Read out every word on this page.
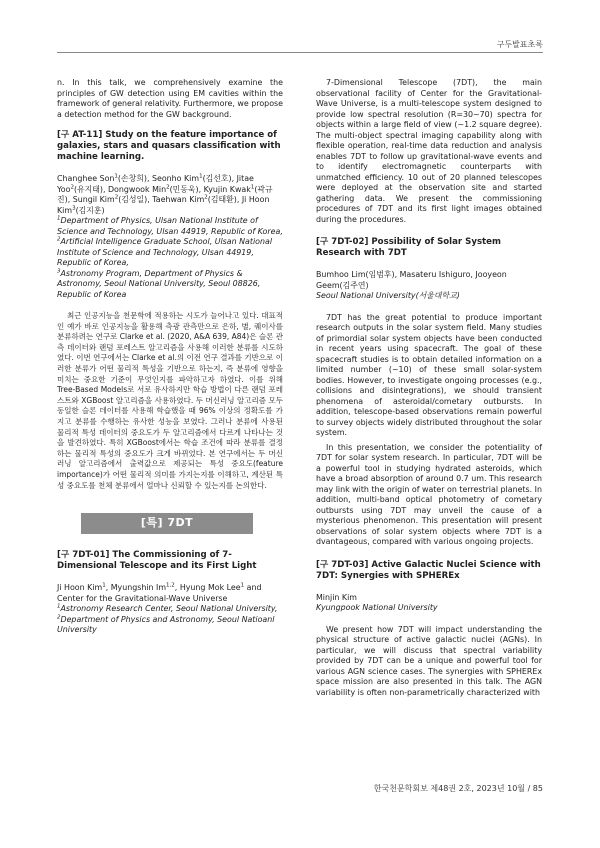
구두발표초록

n. In this talk, we comprehensively examine the principles of GW detection using EM cavities within the framework of general relativity. Furthermore, we propose a detection method for the GW background.

[구 AT-11] Study on the feature importance of galaxies, stars and quasars classification with machine learning.

Changhee Son$^1$(손창희), Seonho Kim$^1$(김선호), Jitae Yoo$^2$(유지태), Dongwook Min$^2$(민동욱), Kyujin Kwak$^1$(곽규진), Sungil Kim$^2$(김성일), Taehwan Kim$^2$(김태환), Ji Hoon Kim$^3$(김지훈)

$^1$Department of Physics, Ulsan National Institute of Science and Technology, Ulsan 44919, Republic of Korea,

$^2$Artificial Intelligence Graduate School, Ulsan National Institute of Science and Technology, Ulsan 44919, Republic of Korea,

$^3$Astronomy Program, Department of Physics & Astronomy, Seoul National University, Seoul 08826, Republic of Korea

최근 인공지능을 천문학에 적용하는 시도가 늘어나고 있다. 대표적인 예가 바로 인공지능을 활용해 측광 관측만으로 은하, 별, 퀘이사를 분류하려는 연구로 Clarke et al. (2020, A&A 639, A84)은 슬론 관측 데이터와 랜덤 포레스트 알고리즘을 사용해 이러한 분류를 시도하였다. 이번 연구에서는 Clarke et al.의 이전 연구 결과를 기반으로 이러한 분류가 어떤 물리적 특성을 기반으로 하는지, 즉 분류에 영향을 미치는 중요한 기준이 무엇인지를 파악하고자 하였다. 이를 위해 Tree-Based Models로 서로 유사하지만 학습 방법이 다른 랜덤 포레스트와 XGBoost 알고리즘을 사용하였다. 두 머신러닝 알고리즘 모두 동일한 슬론 데이터를 사용해 학습했을 때 96% 이상의 정확도를 가지고 분류를 수행하는 유사한 성능을 보였다. 그러나 분류에 사용된 물리적 특성 데이터의 중요도가 두 알고리즘에서 다르게 나타나는 것을 발견하였다. 특히 XGBoost에서는 학습 조건에 따라 분류를 결정하는 물리적 특성의 중요도가 크게 바뀌었다. 본 연구에서는 두 머신러닝 알고리즘에서 출력값으로 제공되는 특성 중요도(feature importance)가 어떤 물리적 의미를 가지는지를 이해하고, 계산된 특성 중요도를 천체 분류에서 얼마나 신뢰할 수 있는지를 논의한다.

[특] 7DT

[구 7DT-01] The Commissioning of 7-Dimensional Telescope and its First Light

Ji Hoon Kim$^1$, Myungshin Im$^{1,2}$, Hyung Mok Lee$^1$ and Center for the Gravitational-Wave Universe

$^1$Astronomy Research Center, Seoul National University,

$^2$Department of Physics and Astronomy, Seoul Natioanl University

7-Dimensional Telescope (7DT), the main observational facility of Center for the Gravitational-Wave Universe, is a multi-telescope system designed to provide low spectral resolution (R=30~70) spectra for objects within a large field of view (~1.2 square degree). The multi-object spectral imaging capability along with flexible operation, real-time data reduction and analysis enables 7DT to follow up gravitational-wave events and to identify electromagnetic counterparts with unmatched efficiency. 10 out of 20 planned telescopes were deployed at the observation site and started gathering data. We present the commissioning procedures of 7DT and its first light images obtained during the procedures.

[구 7DT-02] Possibility of Solar System Research with 7DT

Bumhoo Lim(임범후), Masateru Ishiguro, Jooyeon Geem(김주연)

Seoul National University(서울대학교)

7DT has the great potential to produce important research outputs in the solar system field. Many studies of primordial solar system objects have been conducted in recent years using spacecraft. The goal of these spacecraft studies is to obtain detailed information on a limited number (~10) of these small solar-system bodies. However, to investigate ongoing processes (e.g., collisions and disintegrations), we should transient phenomena of asteroidal/cometary outbursts. In addition, telescope-based observations remain powerful to survey objects widely distributed throughout the solar system.

In this presentation, we consider the potentiality of 7DT for solar system research. In particular, 7DT will be a powerful tool in studying hydrated asteroids, which have a broad absorption of around 0.7 um. This research may link with the origin of water on terrestrial planets. In addition, multi-band optical photometry of cometary outbursts using 7DT may unveil the cause of a mysterious phenomenon. This presentation will present observations of solar system objects where 7DT is a dvantageous, compared with various ongoing projects.

[구 7DT-03] Active Galactic Nuclei Science with 7DT: Synergies with SPHEREx

Minjin Kim

Kyungpook National University

We present how 7DT will impact understanding the physical structure of active galactic nuclei (AGNs). In particular, we will discuss that spectral variability provided by 7DT can be a unique and powerful tool for various AGN science cases. The synergies with SPHEREx space mission are also presented in this talk. The AGN variability is often non-parametrically characterized with

한국천문학회보 제48권 2호, 2023년 10월 / 85
